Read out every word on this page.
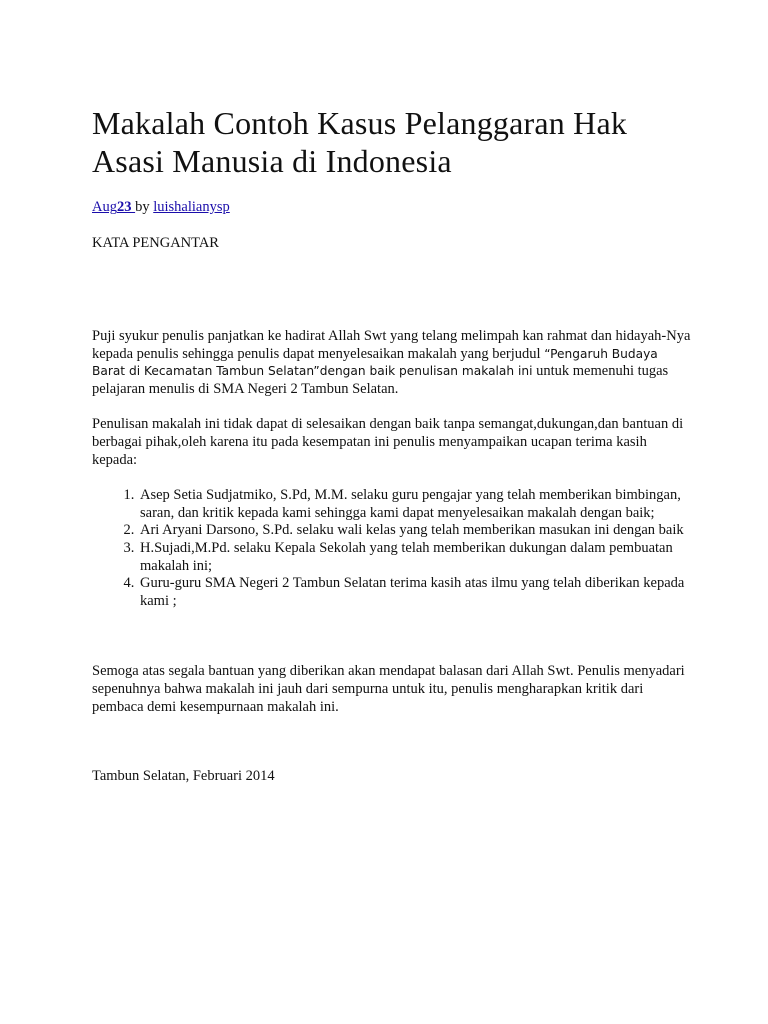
Makalah Contoh Kasus Pelanggaran Hak Asasi Manusia di Indonesia
Aug23 by luishalianysp
KATA PENGANTAR

Puji syukur penulis panjatkan ke hadirat Allah Swt yang telang melimpah kan rahmat dan hidayah-Nya kepada penulis sehingga penulis dapat menyelesaikan makalah yang berjudul “Pengaruh Budaya Barat di Kecamatan Tambun Selatan”dengan baik penulisan makalah ini untuk memenuhi tugas pelajaran menulis di SMA Negeri 2 Tambun Selatan.

Penulisan makalah ini tidak dapat di selesaikan dengan baik tanpa semangat,dukungan,dan bantuan di berbagai pihak,oleh karena itu pada kesempatan ini penulis menyampaikan ucapan terima kasih kepada:

1. Asep Setia Sudjatmiko, S.Pd, M.M. selaku guru pengajar yang telah memberikan bimbingan, saran, dan kritik kepada kami sehingga kami dapat menyelesaikan makalah dengan baik;
2. Ari Aryani Darsono, S.Pd. selaku wali kelas yang telah memberikan masukan ini dengan baik
3. H.Sujadi,M.Pd. selaku Kepala Sekolah yang telah memberikan dukungan dalam pembuatan makalah ini;
4. Guru-guru SMA Negeri 2 Tambun Selatan terima kasih atas ilmu yang telah diberikan kepada kami ;

Semoga atas segala bantuan yang diberikan akan mendapat balasan dari Allah Swt. Penulis menyadari sepenuhnya bahwa makalah ini jauh dari sempurna untuk itu, penulis mengharapkan kritik dari pembaca demi kesempurnaan makalah ini.

Tambun Selatan, Februari 2014
